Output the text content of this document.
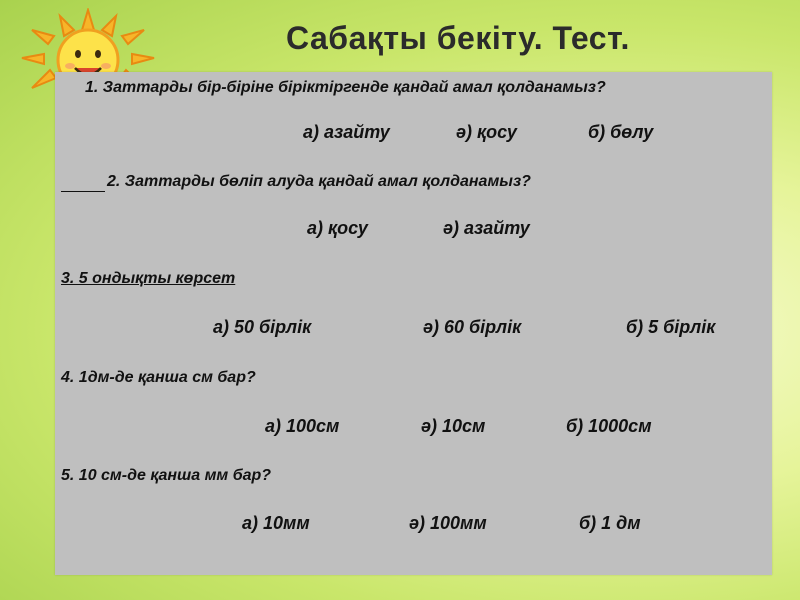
Сабақты бекіту. Тест.
1. Заттарды бір-біріне біріктіргенде қандай амал қолданамыз?
а) азайту	ә) қосу	б) бөлу
2. Заттарды бөліп алуда қандай амал қолданамыз?
а) қосу	ә) азайту
3. 5 ондықты көрсет
а) 50 бірлік	ә) 60 бірлік	б) 5 бірлік
4. 1дм-де қанша см бар?
а) 100см	ә) 10см	б) 1000см
5. 10 см-де қанша мм бар?
а) 10мм	ә) 100мм	б) 1 дм
